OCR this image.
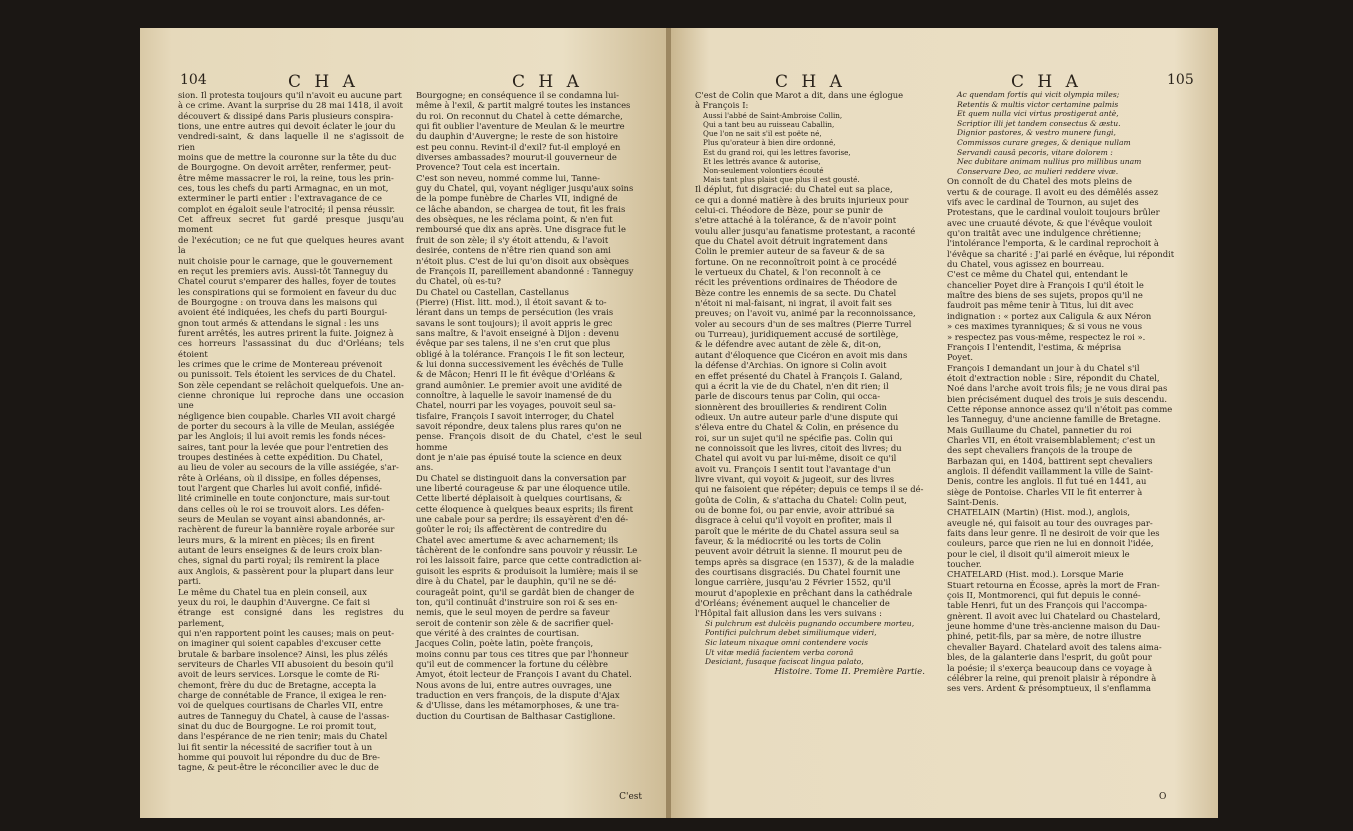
104	C H A	C H A
sion. Il protesta toujours qu'il n'avoit eu aucune part
à ce crime. Avant la surprise du 28 mai 1418, il avoit
découvert & dissipé dans Paris plusieurs conspira-
tions, une entre autres qui devoit éclater le jour du
vendredi-saint, & dans laquelle il ne s'agissoit de rien
moins que de mettre la couronne sur la tête du duc
de Bourgogne. On devoit arrêter, renfermer, peut-
être même massacrer le roi, la reine, tous les prin-
ces, tous les chefs du parti Armagnac, en un mot,
exterminer le parti entier : l'extravagance de ce
complot en égaloit seule l'atrocité; il pensa réussir.
Cet affreux secret fut gardé presque jusqu'au moment
de l'exécution; ce ne fut que quelques heures avant la
nuit choisie pour le carnage, que le gouvernement
en reçut les premiers avis. Aussi-tôt Tanneguy du
Chatel courut s'emparer des halles, foyer de toutes
les conspirations qui se formoient en faveur du duc
de Bourgogne : on trouva dans les maisons qui
avoient été indiquées, les chefs du parti Bourgui-
gnon tout armés & attendans le signal : les uns
furent arrêtés, les autres prirent la fuite. Joignez à
ces horreurs l'assassinat du duc d'Orléans; tels étoient
les crimes que le crime de Montereau prévenoit
ou punissoit. Tels étoient les services de du Chatel.
Son zèle cependant se relâchoit quelquefois. Une an-
cienne chronique lui reproche dans une occasion une
négligence bien coupable. Charles VII avoit chargé
de porter du secours à la ville de Meulan, assiégée
par les Anglois; il lui avoit remis les fonds néces-
saires, tant pour la levée que pour l'entretien des
troupes destinées à cette expédition. Du Chatel,
au lieu de voler au secours de la ville assiégée, s'ar-
rête à Orléans, où il dissipe, en folles dépenses,
tout l'argent que Charles lui avoit confié, infidé-
lité criminelle en toute conjoncture, mais sur-tout
dans celles où le roi se trouvoit alors. Les défen-
seurs de Meulan se voyant ainsi abandonnés, ar-
rachèrent de fureur la bannière royale arborée sur
leurs murs, & la mirent en pièces; ils en firent
autant de leurs enseignes & de leurs croix blan-
ches, signal du parti royal; ils remirent la place
aux Anglois, & passèrent pour la plupart dans leur
parti.
Le même du Chatel tua en plein conseil, aux
yeux du roi, le dauphin d'Auvergne. Ce fait si
étrange est consigné dans les registres du parlement,
qui n'en rapportent point les causes; mais on peut-
on imaginer qui soient capables d'excuser cette
brutale & barbare insolence? Ainsi, les plus zélés
serviteurs de Charles VII abusoient du besoin qu'il
avoit de leurs services. Lorsque le comte de Ri-
chemont, frère du duc de Bretagne, accepta la
charge de connétable de France, il exigea le ren-
voi de quelques courtisans de Charles VII, entre
autres de Tanneguy du Chatel, à cause de l'assas-
sinat du duc de Bourgogne. Le roi promit tout,
dans l'espérance de ne rien tenir; mais du Chatel
lui fit sentir la nécessité de sacrifier tout à un
homme qui pouvoit lui répondre du duc de Bre-
tagne, & peut-être le réconcilier avec le duc de
Bourgogne; en conséquence il se condamna lui-
même à l'exil, & partit malgré toutes les instances
du roi. On reconnut du Chatel à cette démarche,
qui fit oublier l'aventure de Meulan & le meurtre
du dauphin d'Auvergne; le reste de son histoire
est peu connu. Revint-il d'exil? fut-il employé en
diverses ambassades? mourut-il gouverneur de
Provence? Tout cela est incertain.
C'est son neveu, nommé comme lui, Tanne-
guy du Chatel, qui, voyant négliger jusqu'aux soins
de la pompe funèbre de Charles VII, indigné de
ce lâche abandon, se chargea de tout, fit les frais
des obsèques, ne les réclama point, & n'en fut
remboursé que dix ans après. Une disgrace fut le
fruit de son zèle; il s'y étoit attendu, & l'avoit
desirée, contens de n'être rien quand son ami
n'étoit plus. C'est de lui qu'on disoit aux obsèques
de François II, pareillement abandonné : Tanneguy
du Chatel, où es-tu?
Du Chatel ou Castellan, Castellanus
(Pierre) (Hist. litt. mod.), il étoit savant & to-
lérant dans un temps de persécution (les vrais
savans le sont toujours); il avoit appris le grec
sans maître, & l'avoit enseigné à Dijon : devenu
évêque par ses talens, il ne s'en crut que plus
obligé à la tolérance. François I le fit son lecteur,
& lui donna successivement les évêchés de Tulle
& de Mâcon; Henri II le fit évêque d'Orléans &
grand aumônier. Le premier avoit une avidité de
connoître, à laquelle le savoir inamensé de du
Chatel, nourri par les voyages, pouvoit seul sa-
tisfaire, François I savoit interroger, du Chatel
savoit répondre, deux talens plus rares qu'on ne
pense. François disoit de du Chatel, c'est le seul homme
dont je n'aie pas épuisé toute la science en deux
ans.
Du Chatel se distinguoit dans la conversation par
une liberté courageuse & par une éloquence utile.
Cette liberté déplaisoit à quelques courtisans, &
cette éloquence à quelques beaux esprits; ils firent
une cabale pour sa perdre; ils essayèrent d'en dé-
goûter le roi; ils affectèrent de contredire du
Chatel avec amertume & avec acharnement; ils
tâchèrent de le confondre sans pouvoir y réussir. Le
roi les laissoit faire, parce que cette contradiction ai-
guisoit les esprits & produisoit la lumière; mais il se
dire à du Chatel, par le dauphin, qu'il ne se dé-
courageât point, qu'il se gardât bien de changer de
ton, qu'il continuât d'instruire son roi & ses en-
nemis, que le seul moyen de perdre sa faveur
seroit de contenir son zèle & de sacrifier quel-
que vérité à des craintes de courtisan.
Jacques Colin, poète latin, poète françois,
moins connu par tous ces titres que par l'honneur
qu'il eut de commencer la fortune du célèbre
Amyot, étoit lecteur de François I avant du Chatel.
Nous avons de lui, entre autres ouvrages, une
traduction en vers françois, de la dispute d'Ajax
& d'Ulisse, dans les métamorphoses, & une tra-
duction du Courtisan de Balthasar Castiglione.
C'est
C H A	C H A	105
C'est de Colin que Marot a dit, dans une églogue
à François I:
Aussi l'abbé de Saint-Ambroise Collin,
Qui a tant beu au ruisseau Caballin,
Que l'on ne sait s'il est poëte né,
Plus qu'orateur à bien dire ordonné,
Est du grand roi, qui les lettres favorise,
Et les lettrés avance & autorise,
Non-seulement volontiers écouté
Mais tant plus plaist que plus il est gousté.
Il déplut, fut disgracié: du Chatel eut sa place,
ce qui a donné matière à des bruits injurieux pour
celui-ci. Théodore de Bèze, pour se punir de
s'etre attaché à la tolérance, & de n'avoir point
voulu aller jusqu'au fanatisme protestant, a raconté
que du Chatel avoit détruit ingratement dans
Colin le premier auteur de sa faveur & de sa
fortune. On ne reconnoîtroit point à ce procédé
le vertueux du Chatel, & l'on reconnoît à ce
récit les préventions ordinaires de Théodore de
Bèze contre les ennemis de sa secte. Du Chatel
n'étoit ni mal-faisant, ni ingrat, il avoit fait ses
preuves; on l'avoit vu, animé par la reconnoissance,
voler au secours d'un de ses maîtres (Pierre Turrel
ou Turreau), juridiquement accusé de sortilège,
& le défendre avec autant de zèle &, dit-on,
autant d'éloquence que Cicéron en avoit mis dans
la défense d'Archias. On ignore si Colin avoit
en effet présenté du Chatel à François I. Galand,
qui a écrit la vie de du Chatel, n'en dit rien; il
parle de discours tenus par Colin, qui occa-
sionnèrent des brouilleries & rendirent Colin
odieux. Un autre auteur parle d'une dispute qui
s'éleva entre du Chatel & Colin, en présence du
roi, sur un sujet qu'il ne spécifie pas. Colin qui
ne connoissoit que les livres, citoit des livres; du
Chatel qui avoit vu par lui-même, disoit ce qu'il
avoit vu. François I sentit tout l'avantage d'un
livre vivant, qui voyoit & jugeoit, sur des livres
qui ne faisoient que répéter; depuis ce temps il se dé-
goûta de Colin, & s'attacha du Chatel: Colin peut,
ou de bonne foi, ou par envie, avoir attribué sa
disgrace à celui qu'il voyoit en profiter, mais il
paroît que le mérite de du Chatel assura seul sa
faveur, & la médiocrité ou les torts de Colin
peuvent avoir détruit la sienne. Il mourut peu de
temps après sa disgrace (en 1537), & de la maladie
des courtisans disgraciés. Du Chatel fournit une
longue carrière, jusqu'au 2 Février 1552, qu'il
mourut d'apoplexie en prêchant dans la cathédrale
d'Orléans; événement auquel le chancelier de
l'Hôpital fait allusion dans les vers suivans :
Si pulchrum est dulcèis pugnando occumbere morteu,
Pontifici pulchrum debet similiumque videri,
Sic lateum nixaque omni contendere vocis
Ut vitæ mediâ facientem verba coronâ
Desiciant, fusaque faciscat lingua palato,
Histoire. Tome II. Première Partie.
Ac quendam fortis qui vicit olympia miles;
Retentis & multis victor certamine palmis
Et quem nulla vici virtus prostigerat antè,
Scriptior illi jet tandem consectus & æstu.
Dignior pastores, & vestro munere fungi,
Commissos curare greges, & denique nullam
Servandi causâ pecoris, vitare dolorem :
Nec dubitare animam nullius pro millibus unam
Conservare Deo, ac mulieri reddere vivæ.
On connoît de du Chatel des mots pleins de
vertu & de courage. Il avoit eu des démêlés assez
vifs avec le cardinal de Tournon, au sujet des
Protestans, que le cardinal vouloit toujours brûler
avec une cruauté dévote, & que l'évêque vouloit
qu'on traitât avec une indulgence chrétienne;
l'intolérance l'emporta, & le cardinal reprochoit à
l'évêque sa charité : J'ai parlé en évêque, lui répondit
du Chatel, vous agissez en bourreau.
C'est ce même du Chatel qui, entendant le
chancelier Poyet dire à François I qu'il étoit le
maître des biens de ses sujets, propos qu'il ne
faudroit pas même tenir à Titus, lui dit avec
indignation : « portez aux Caligula & aux Néron
» ces maximes tyranniques; & si vous ne vous
» respectez pas vous-même, respectez le roi ».
François I l'entendit, l'estima, & méprisa
Poyet.
François I demandant un jour à du Chatel s'il
étoit d'extraction noble : Sire, répondit du Chatel,
Noé dans l'arche avoit trois fils; je ne vous dirai pas
bien précisément duquel des trois je suis descendu.
Cette réponse annonce assez qu'il n'étoit pas comme
les Tanneguy, d'une ancienne famille de Bretagne.
Mais Guillaume du Chatel, pannetier du roi
Charles VII, en étoit vraisemblablement; c'est un
des sept chevaliers françois de la troupe de
Barbazan qui, en 1404, battirent sept chevaliers
anglois. Il défendit vaillamment la ville de Saint-
Denis, contre les anglois. Il fut tué en 1441, au
siège de Pontoise. Charles VII le fit enterrer à
Saint-Denis.
CHATELAIN (Martin) (Hist. mod.), anglois,
aveugle né, qui faisoit au tour des ouvrages par-
faits dans leur genre. Il ne desiroit de voir que les
couleurs, parce que rien ne lui en donnoit l'idée,
pour le ciel, il disoit qu'il aimeroit mieux le
toucher.
CHATELARD (Hist. mod.). Lorsque Marie
Stuart retourna en Écosse, après la mort de Fran-
çois II, Montmorenci, qui fut depuis le conné-
table Henri, fut un des François qui l'accompa-
gnèrent. Il avoit avec lui Chatelard ou Chastelard,
jeune homme d'une très-ancienne maison du Dau-
phiné, petit-fils, par sa mère, de notre illustre
chevalier Bayard. Chatelard avoit des talens aima-
bles, de la galanterie dans l'esprit, du goût pour
la poésie; il s'exerça beaucoup dans ce voyage à
célébrer la reine, qui prenoit plaisir à répondre à
ses vers. Ardent & présomptueux, il s'enflamma
O
